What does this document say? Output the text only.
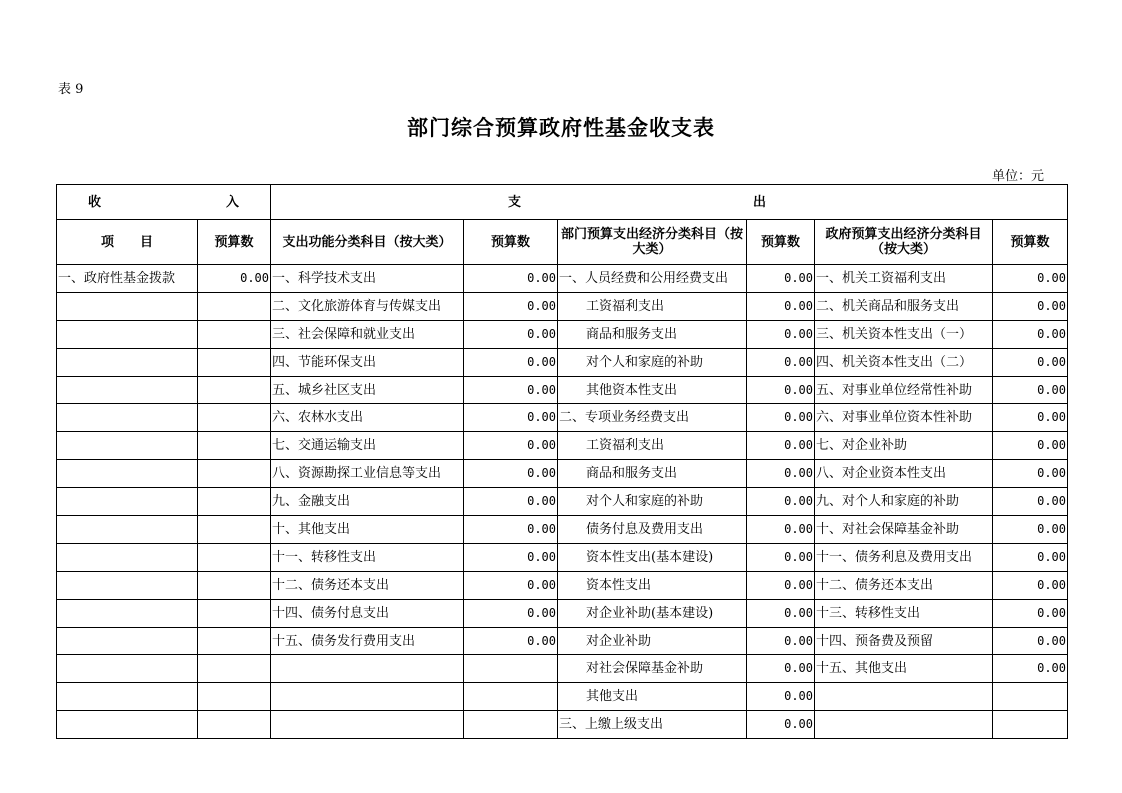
表 9
部门综合预算政府性基金收支表
单位：元
收 入		支 出					

项　　目	预算数	支出功能分类科目（按大类）	预算数	部门预算支出经济分类科目（按大类）	预算数	政府预算支出经济分类科目（按大类）	预算数
一、政府性基金拨款	0.00	一、科学技术支出	0.00	一、人员经费和公用经费支出	0.00	一、机关工资福利支出	0.00
		二、文化旅游体育与传媒支出	0.00	工资福利支出	0.00	二、机关商品和服务支出	0.00
		三、社会保障和就业支出	0.00	商品和服务支出	0.00	三、机关资本性支出（一）	0.00
		四、节能环保支出	0.00	对个人和家庭的补助	0.00	四、机关资本性支出（二）	0.00
		五、城乡社区支出	0.00	其他资本性支出	0.00	五、对事业单位经常性补助	0.00
		六、农林水支出	0.00	二、专项业务经费支出	0.00	六、对事业单位资本性补助	0.00
		七、交通运输支出	0.00	工资福利支出	0.00	七、对企业补助	0.00
		八、资源勘探工业信息等支出	0.00	商品和服务支出	0.00	八、对企业资本性支出	0.00
		九、金融支出	0.00	对个人和家庭的补助	0.00	九、对个人和家庭的补助	0.00
		十、其他支出	0.00	债务付息及费用支出	0.00	十、对社会保障基金补助	0.00
		十一、转移性支出	0.00	资本性支出(基本建设)	0.00	十一、债务利息及费用支出	0.00
		十二、债务还本支出	0.00	资本性支出	0.00	十二、债务还本支出	0.00
		十四、债务付息支出	0.00	对企业补助(基本建设)	0.00	十三、转移性支出	0.00
		十五、债务发行费用支出	0.00	对企业补助	0.00	十四、预备费及预留	0.00
				对社会保障基金补助	0.00	十五、其他支出	0.00
				其他支出	0.00		
				三、上缴上级支出	0.00		
